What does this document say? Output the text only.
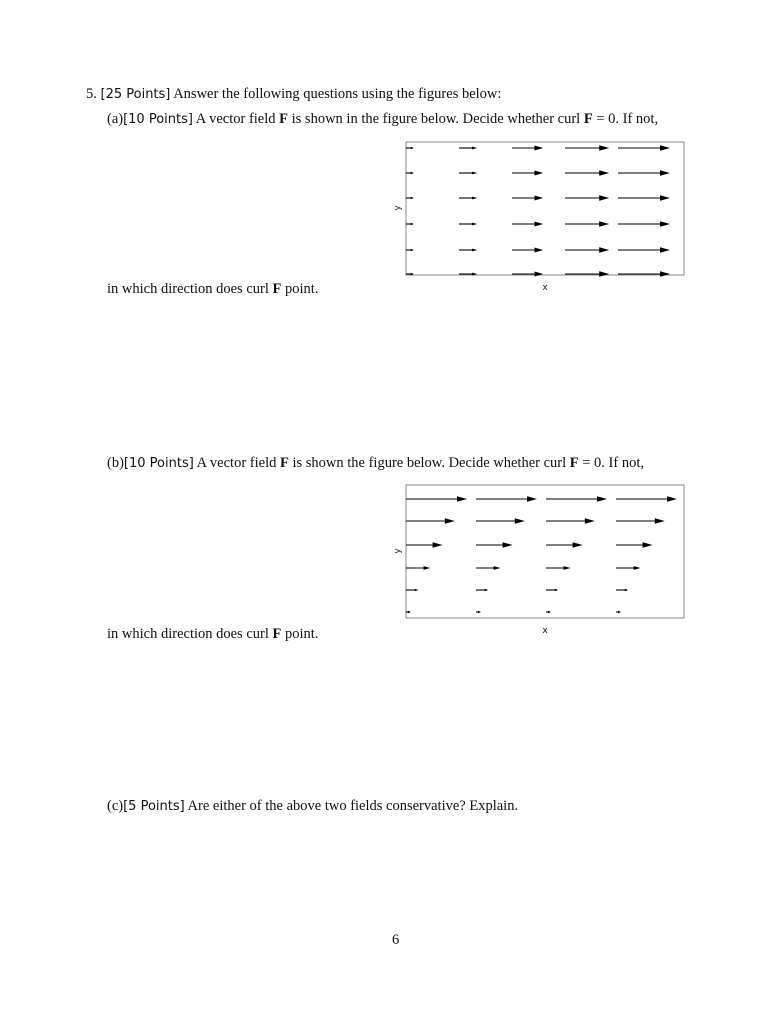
5. [25 Points] Answer the following questions using the figures below:
(a)[10 Points] A vector field F is shown in the figure below. Decide whether curl F = 0. If not,
x
y
in which direction does curl F point.
(b)[10 Points] A vector field F is shown the figure below. Decide whether curl F = 0. If not,
x
y
in which direction does curl F point.
(c)[5 Points] Are either of the above two fields conservative? Explain.
6
